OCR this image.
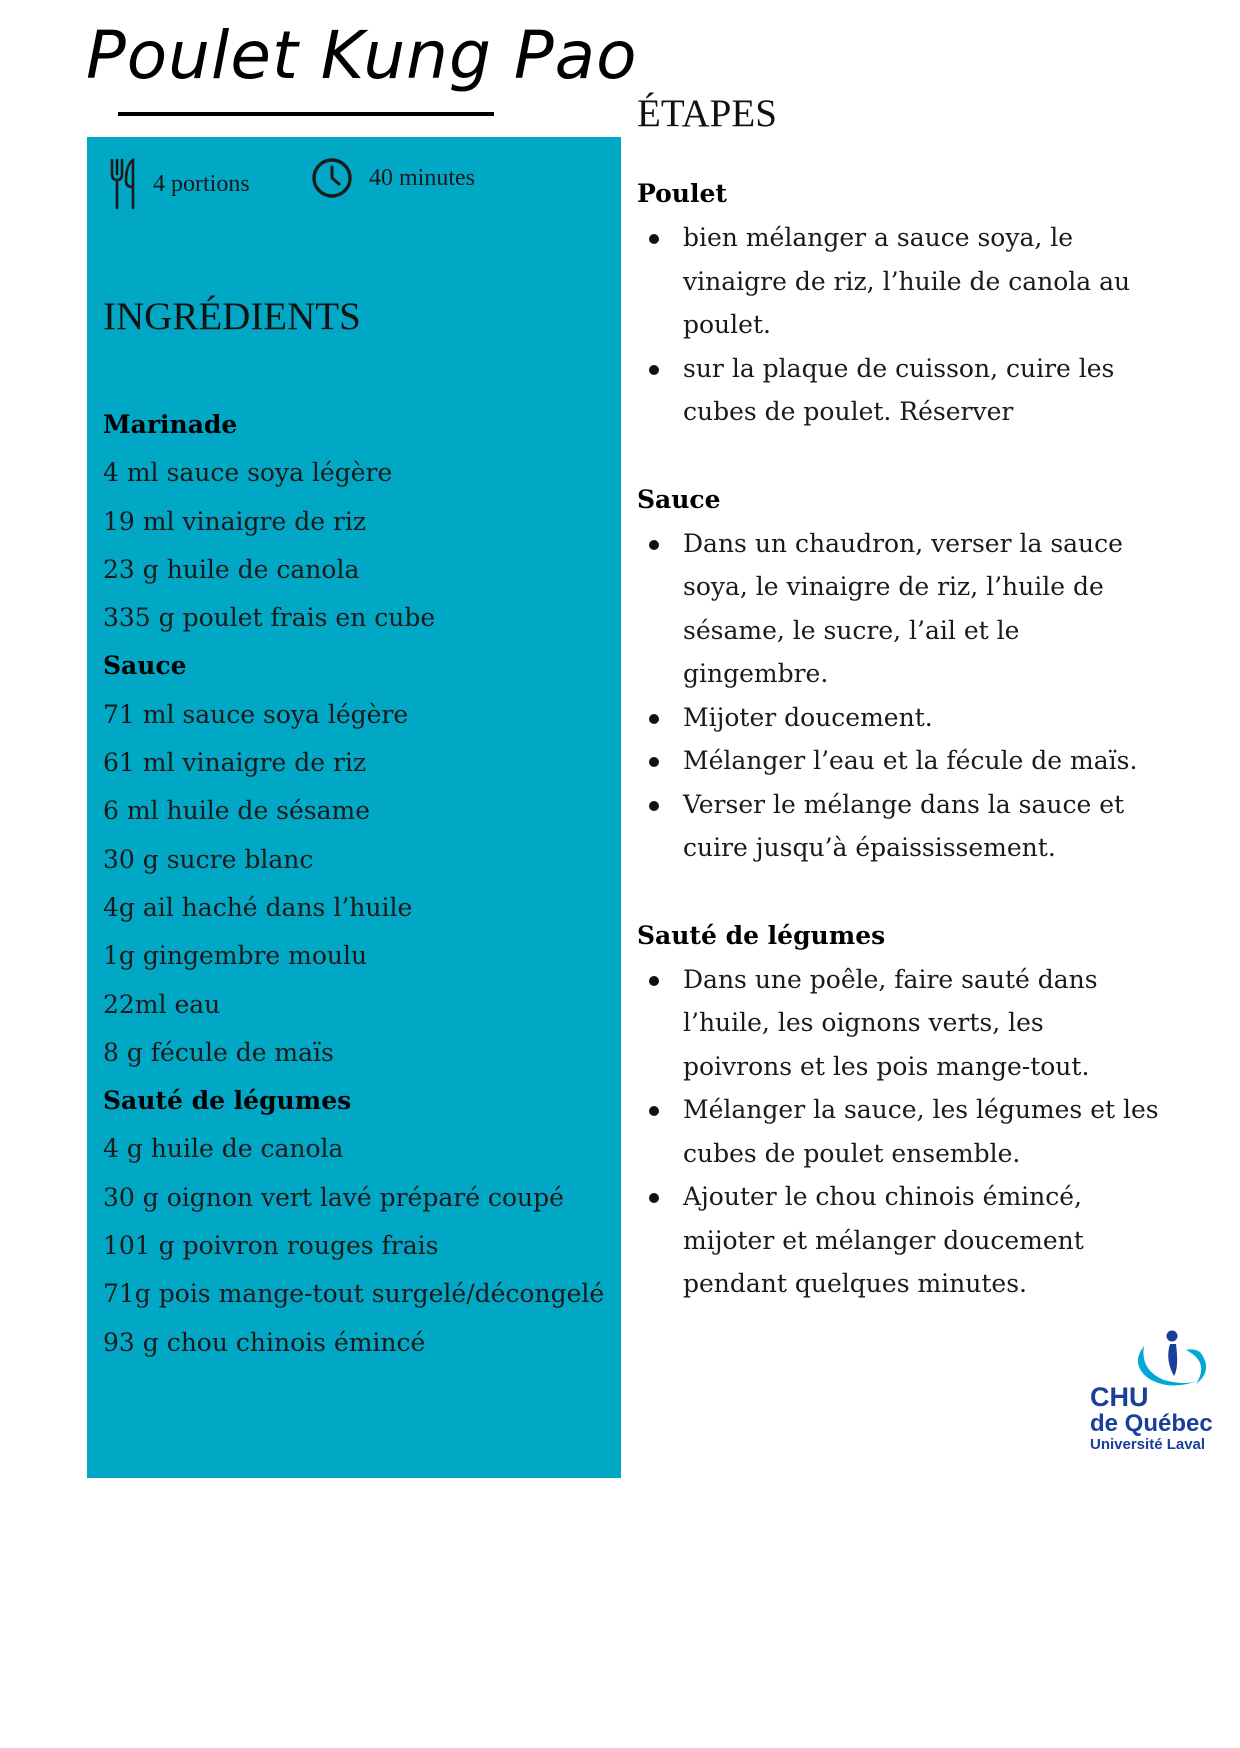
Poulet Kung Pao
4 portions	40 minutes
INGRÉDIENTS
Marinade
4 ml sauce soya légère
19 ml vinaigre de riz
23 g huile de canola
335 g poulet frais en cube
Sauce
71 ml sauce soya légère
61 ml vinaigre de riz
6 ml huile de sésame
30 g sucre blanc
4g ail haché dans l’huile
1g gingembre moulu
22ml eau
8 g fécule de maïs
Sauté de légumes
4 g huile de canola
30 g oignon vert lavé préparé coupé
101 g poivron rouges frais
71g pois mange-tout surgelé/décongelé
93 g chou chinois émincé
ÉTAPES
Poulet
bien mélanger a sauce soya, le
vinaigre de riz, l’huile de canola au
poulet.
sur la plaque de cuisson, cuire les
cubes de poulet. Réserver
Sauce
Dans un chaudron, verser la sauce
soya, le vinaigre de riz, l’huile de
sésame, le sucre, l’ail et le
gingembre.
Mijoter doucement.
Mélanger l’eau et la fécule de maïs.
Verser le mélange dans la sauce et
cuire jusqu’à épaississement.
Sauté de légumes
Dans une poêle, faire sauté dans
l’huile, les oignons verts, les
poivrons et les pois mange-tout.
Mélanger la sauce, les légumes et les
cubes de poulet ensemble.
Ajouter le chou chinois émincé,
mijoter et mélanger doucement
pendant quelques minutes.
CHU
de Québec
Université Laval
